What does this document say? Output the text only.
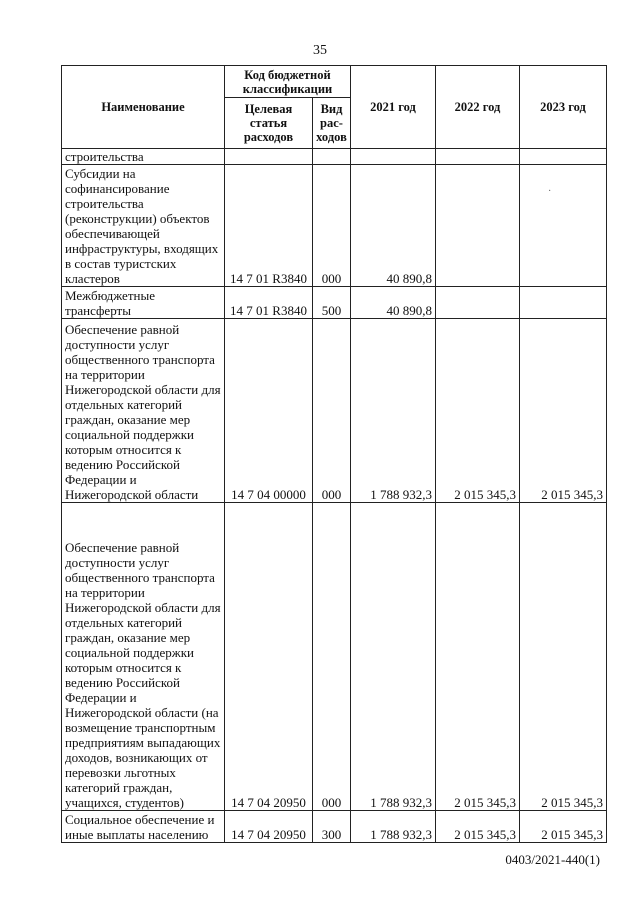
35
·
Наименование	Код бюджетной классификации		2021 год	2022 год	2023 год
	Целевая статья расходов	Вид рас-ходов			
строительства					
Субсидии на софинансирование строительства (реконструкции) объектов обеспечивающей инфраструктуры, входящих в состав туристских кластеров	14 7 01 R3840	000	40 890,8		
Межбюджетные трансферты	14 7 01 R3840	500	40 890,8		
Обеспечение равной доступности услуг общественного транспорта на территории Нижегородской области для отдельных категорий граждан, оказание мер социальной поддержки которым относится к ведению Российской Федерации и Нижегородской области	14 7 04 00000	000	1 788 932,3	2 015 345,3	2 015 345,3
Обеспечение равной доступности услуг общественного транспорта на территории Нижегородской области для отдельных категорий граждан, оказание мер социальной поддержки которым относится к ведению Российской Федерации и Нижегородской области (на возмещение транспортным предприятиям выпадающих доходов, возникающих от перевозки льготных категорий граждан, учащихся, студентов)	14 7 04 20950	000	1 788 932,3	2 015 345,3	2 015 345,3
Социальное обеспечение и иные выплаты населению	14 7 04 20950	300	1 788 932,3	2 015 345,3	2 015 345,3
0403/2021-440(1)
